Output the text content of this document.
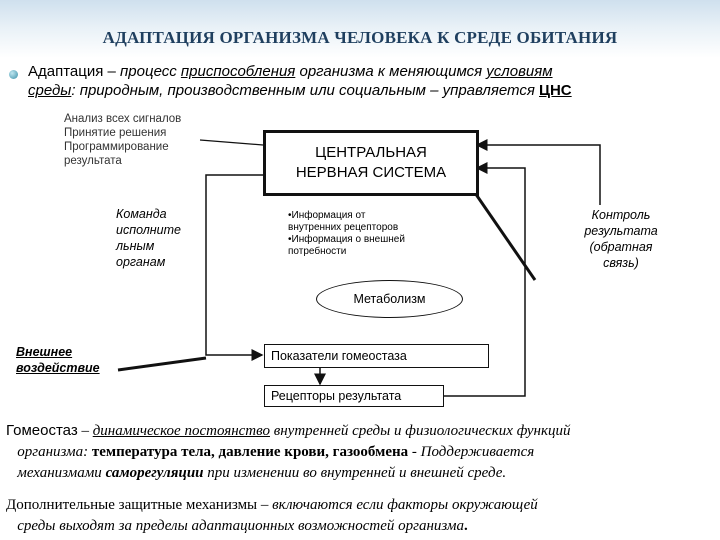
АДАПТАЦИЯ ОРГАНИЗМА ЧЕЛОВЕКА К СРЕДЕ ОБИТАНИЯ
Адаптация – процесс приспособления организма к меняющимся условиям
среды: природным, производственным или социальным – управляется ЦНС
Анализ всех сигналов
Принятие решения
Программирование
результата	ЦЕНТРАЛЬНАЯ
НЕРВНАЯ СИСТЕМА
Команда
исполните
льным
органам
•Информация от
внутренних рецепторов
•Информация о внешней
потребности
Контроль
результата
(обратная
связь)
Метаболизм
Показатели гомеостаза
Рецепторы результата
Внешнее
воздействие
Гомеостаз – динамическое постоянство внутренней среды и физиологических функций
организма: температура тела, давление крови, газообмена - Поддерживается
механизмами саморегуляции при изменении во внутренней и внешней среде.
Дополнительные защитные механизмы – включаются если факторы окружающей
среды выходят за пределы адаптационных возможностей организма.
